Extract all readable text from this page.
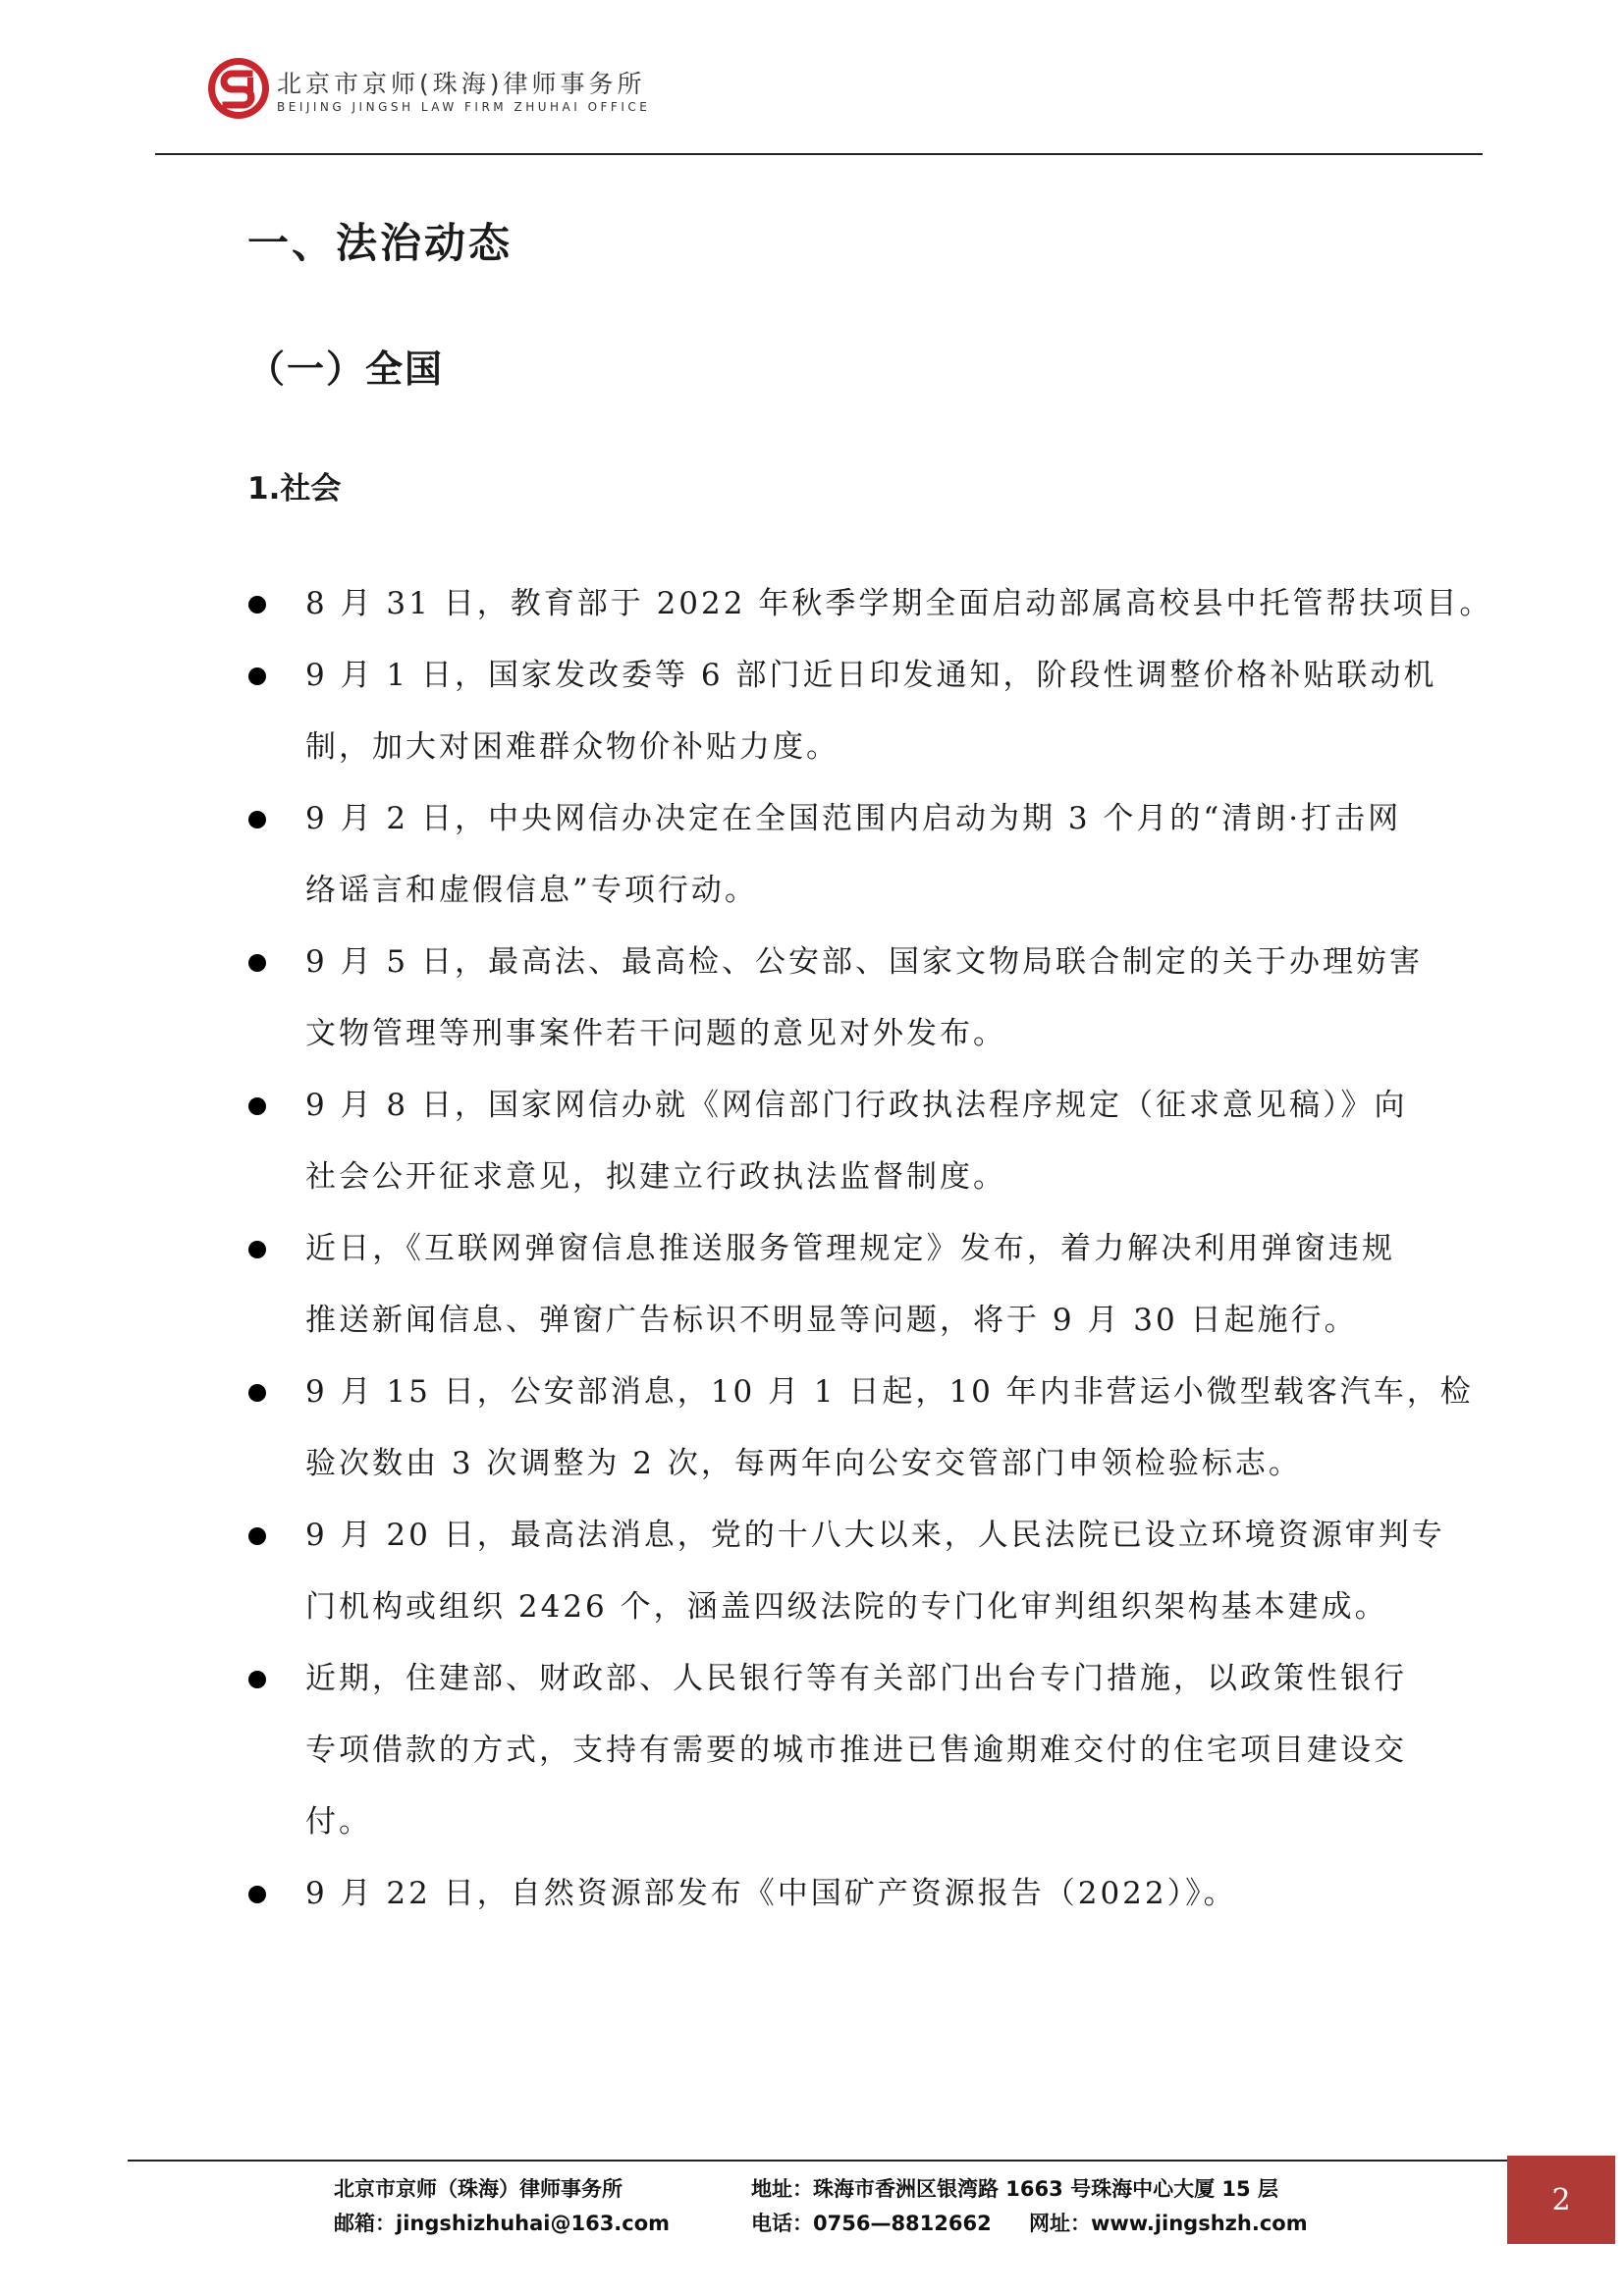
北京市京师(珠海)律师事务所
BEIJING JINGSH LAW FIRM ZHUHAI OFFICE
一、法治动态
（一）全国
1.社会
8 月 31 日，教育部于 2022 年秋季学期全面启动部属高校县中托管帮扶项目。
9 月 1 日，国家发改委等 6 部门近日印发通知，阶段性调整价格补贴联动机
制，加大对困难群众物价补贴力度。
9 月 2 日，中央网信办决定在全国范围内启动为期 3 个月的“清朗·打击网
络谣言和虚假信息”专项行动。
9 月 5 日，最高法、最高检、公安部、国家文物局联合制定的关于办理妨害
文物管理等刑事案件若干问题的意见对外发布。
9 月 8 日，国家网信办就《网信部门行政执法程序规定（征求意见稿）》向
社会公开征求意见，拟建立行政执法监督制度。
近日，《互联网弹窗信息推送服务管理规定》发布，着力解决利用弹窗违规
推送新闻信息、弹窗广告标识不明显等问题，将于 9 月 30 日起施行。
9 月 15 日，公安部消息，10 月 1 日起，10 年内非营运小微型载客汽车，检
验次数由 3 次调整为 2 次，每两年向公安交管部门申领检验标志。
9 月 20 日，最高法消息，党的十八大以来，人民法院已设立环境资源审判专
门机构或组织 2426 个，涵盖四级法院的专门化审判组织架构基本建成。
近期，住建部、财政部、人民银行等有关部门出台专门措施，以政策性银行
专项借款的方式，支持有需要的城市推进已售逾期难交付的住宅项目建设交
付。
9 月 22 日，自然资源部发布《中国矿产资源报告（2022）》。
北京市京师（珠海）律师事务所
邮箱：jingshizhuhai@163.com
地址：珠海市香洲区银湾路 1663 号珠海中心大厦 15 层
电话：0756—8812662 网址：www.jingshzh.com
2
